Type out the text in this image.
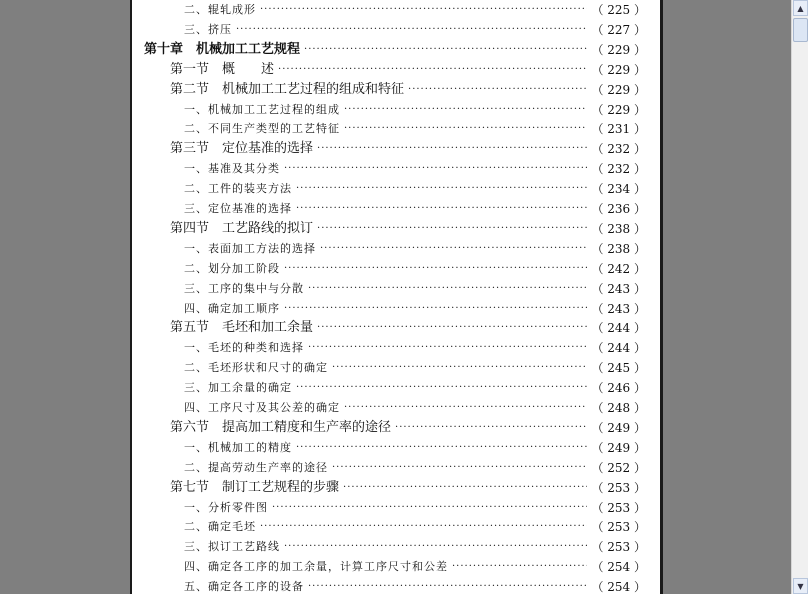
二、辊轧成形 ·····	（ 225 ）
三、挤压 ·····	（ 227 ）
第十章　机械加工工艺规程 ·····	（ 229 ）
第一节　概　　述 ·····	（ 229 ）
第二节　机械加工工艺过程的组成和特征 ·····	（ 229 ）
一、机械加工工艺过程的组成 ·····	（ 229 ）
二、不同生产类型的工艺特征 ·····	（ 231 ）
第三节　定位基准的选择 ·····	（ 232 ）
一、基准及其分类 ·····	（ 232 ）
二、工件的装夹方法 ·····	（ 234 ）
三、定位基准的选择 ·····	（ 236 ）
第四节　工艺路线的拟订 ·····	（ 238 ）
一、表面加工方法的选择 ·····	（ 238 ）
二、划分加工阶段 ·····	（ 242 ）
三、工序的集中与分散 ·····	（ 243 ）
四、确定加工顺序 ·····	（ 243 ）
第五节　毛坯和加工余量 ·····	（ 244 ）
一、毛坯的种类和选择 ·····	（ 244 ）
二、毛坯形状和尺寸的确定 ·····	（ 245 ）
三、加工余量的确定 ·····	（ 246 ）
四、工序尺寸及其公差的确定 ·····	（ 248 ）
第六节　提高加工精度和生产率的途径 ·····	（ 249 ）
一、机械加工的精度 ·····	（ 249 ）
二、提高劳动生产率的途径 ·····	（ 252 ）
第七节　制订工艺规程的步骤 ·····	（ 253 ）
一、分析零件图 ·····	（ 253 ）
二、确定毛坯 ·····	（ 253 ）
三、拟订工艺路线 ·····	（ 253 ）
四、确定各工序的加工余量，计算工序尺寸和公差 ·····	（ 254 ）
五、确定各工序的设备 ·····	（ 254 ）
▲
▼
